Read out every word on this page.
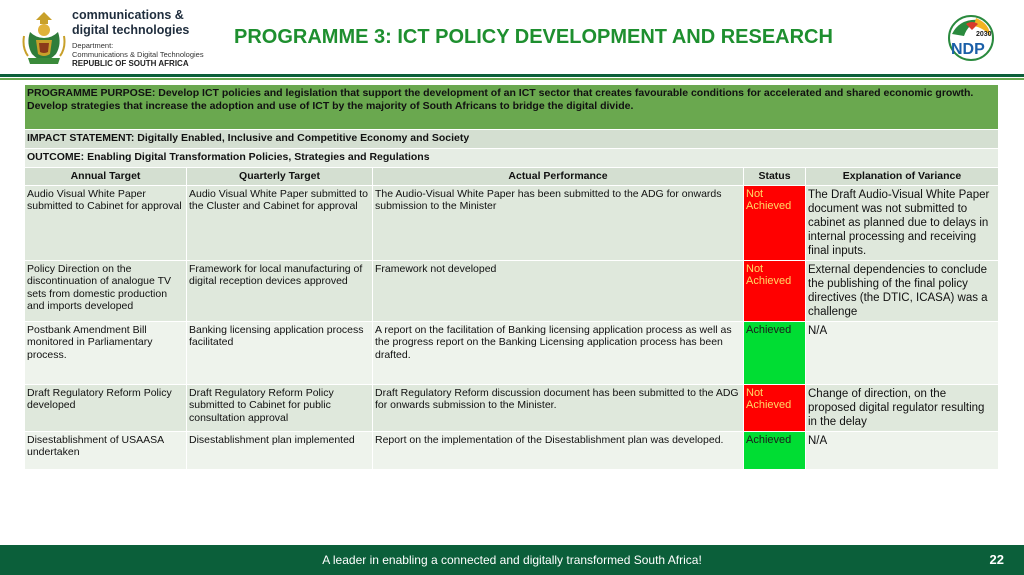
communications &
digital technologies
Department:
Communications & Digital Technologies
REPUBLIC OF SOUTH AFRICA
PROGRAMME 3: ICT POLICY DEVELOPMENT AND RESEARCH	2030
NDP
PROGRAMME PURPOSE: Develop ICT policies and legislation that support the development of an ICT sector that creates favourable conditions for accelerated and shared economic growth. Develop strategies that increase the adoption and use of ICT by the majority of South Africans to bridge the digital divide.				
IMPACT STATEMENT: Digitally Enabled, Inclusive and Competitive Economy and Society				
OUTCOME: Enabling Digital Transformation Policies, Strategies and Regulations				
Annual Target	Quarterly Target	Actual Performance	Status	Explanation of Variance
Audio Visual White Paper submitted to Cabinet for approval	Audio Visual White Paper submitted to the Cluster and Cabinet for approval	The Audio-Visual White Paper has been submitted to the ADG for onwards submission to the Minister	Not Achieved	The Draft Audio-Visual White Paper document was not submitted to cabinet as planned due to delays in internal processing and receiving final inputs.
Policy Direction on the discontinuation of analogue TV sets from domestic production and imports developed	Framework for local manufacturing of digital reception devices approved	Framework not developed	Not Achieved	External dependencies to conclude the publishing of the final policy directives (the DTIC, ICASA) was a challenge
Postbank Amendment Bill monitored in Parliamentary process.	Banking licensing application process facilitated	A report on the facilitation of Banking licensing application process as well as the progress report on the Banking Licensing application process has been drafted.	Achieved	N/A
Draft Regulatory Reform Policy developed	Draft Regulatory Reform Policy submitted to Cabinet for public consultation approval	Draft Regulatory Reform discussion document has been submitted to the ADG for onwards submission to the Minister.	Not Achieved	Change of direction, on the proposed digital regulator resulting in the delay
Disestablishment of USAASA undertaken	Disestablishment plan implemented	Report on the implementation of the Disestablishment plan was developed.	Achieved	N/A
A leader in enabling a connected and digitally transformed South Africa!	22
